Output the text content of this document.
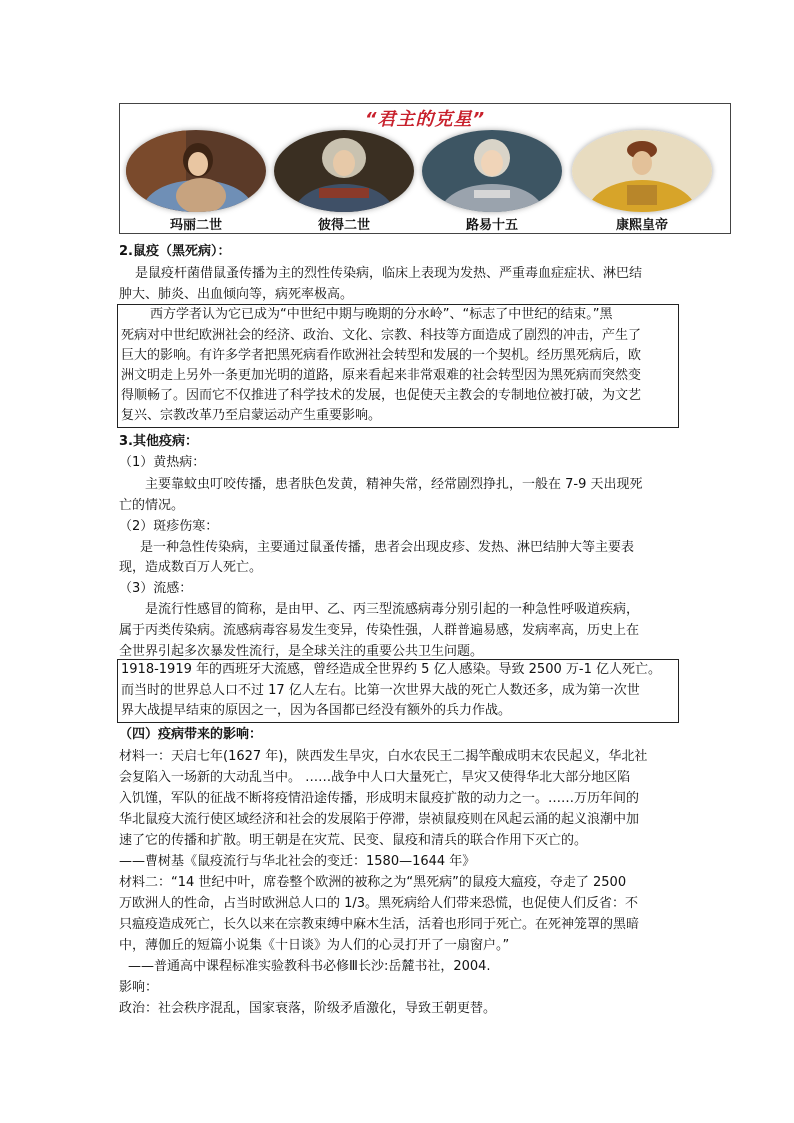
“君主的克星”
玛丽二世	彼得二世	路易十五	康熙皇帝
2.鼠疫（黑死病）：
是鼠疫杆菌借鼠蚤传播为主的烈性传染病，临床上表现为发热、严重毒血症症状、淋巴结
肿大、肺炎、出血倾向等，病死率极高。
西方学者认为它已成为“中世纪中期与晚期的分水岭”、“标志了中世纪的结束。”黑
死病对中世纪欧洲社会的经济、政治、文化、宗教、科技等方面造成了剧烈的冲击，产生了
巨大的影响。有许多学者把黑死病看作欧洲社会转型和发展的一个契机。经历黑死病后，欧
洲文明走上另外一条更加光明的道路，原来看起来非常艰难的社会转型因为黑死病而突然变
得顺畅了。因而它不仅推进了科学技术的发展，也促使天主教会的专制地位被打破，为文艺
复兴、宗教改革乃至启蒙运动产生重要影响。
3.其他疫病：
（1）黄热病：
主要靠蚊虫叮咬传播，患者肤色发黄，精神失常，经常剧烈挣扎，一般在 7-9 天出现死
亡的情况。
（2）斑疹伤寒：
是一种急性传染病，主要通过鼠蚤传播，患者会出现皮疹、发热、淋巴结肿大等主要表
现，造成数百万人死亡。
（3）流感：
是流行性感冒的简称，是由甲、乙、丙三型流感病毒分别引起的一种急性呼吸道疾病，
属于丙类传染病。流感病毒容易发生变异，传染性强，人群普遍易感，发病率高，历史上在
全世界引起多次暴发性流行，是全球关注的重要公共卫生问题。
1918-1919 年的西班牙大流感，曾经造成全世界约 5 亿人感染。导致 2500 万-1 亿人死亡。
而当时的世界总人口不过 17 亿人左右。比第一次世界大战的死亡人数还多，成为第一次世
界大战提早结束的原因之一，因为各国都已经没有额外的兵力作战。
（四）疫病带来的影响：
材料一：天启七年(1627 年)，陕西发生旱灾，白水农民王二揭竿酿成明末农民起义，华北社
会复陷入一场新的大动乱当中。 ……战争中人口大量死亡，旱灾又使得华北大部分地区陷
入饥馑，军队的征战不断将疫情沿途传播，形成明末鼠疫扩散的动力之一。……万历年间的
华北鼠疫大流行使区域经济和社会的发展陷于停滞，崇祯鼠疫则在风起云涌的起义浪潮中加
速了它的传播和扩散。明王朝是在灾荒、民变、鼠疫和清兵的联合作用下灭亡的。
——曹树基《鼠疫流行与华北社会的变迁：1580—1644 年》
材料二：“14 世纪中叶，席卷整个欧洲的被称之为“黑死病”的鼠疫大瘟疫，夺走了 2500
万欧洲人的性命，占当时欧洲总人口的 1/3。黑死病给人们带来恐慌，也促使人们反省：不
只瘟疫造成死亡，长久以来在宗教束缚中麻木生活，活着也形同于死亡。在死神笼罩的黑暗
中，薄伽丘的短篇小说集《十日谈》为人们的心灵打开了一扇窗户。”
——普通高中课程标准实验教科书必修Ⅲ长沙:岳麓书社，2004.
影响：
政治：社会秩序混乱，国家衰落，阶级矛盾激化，导致王朝更替。
